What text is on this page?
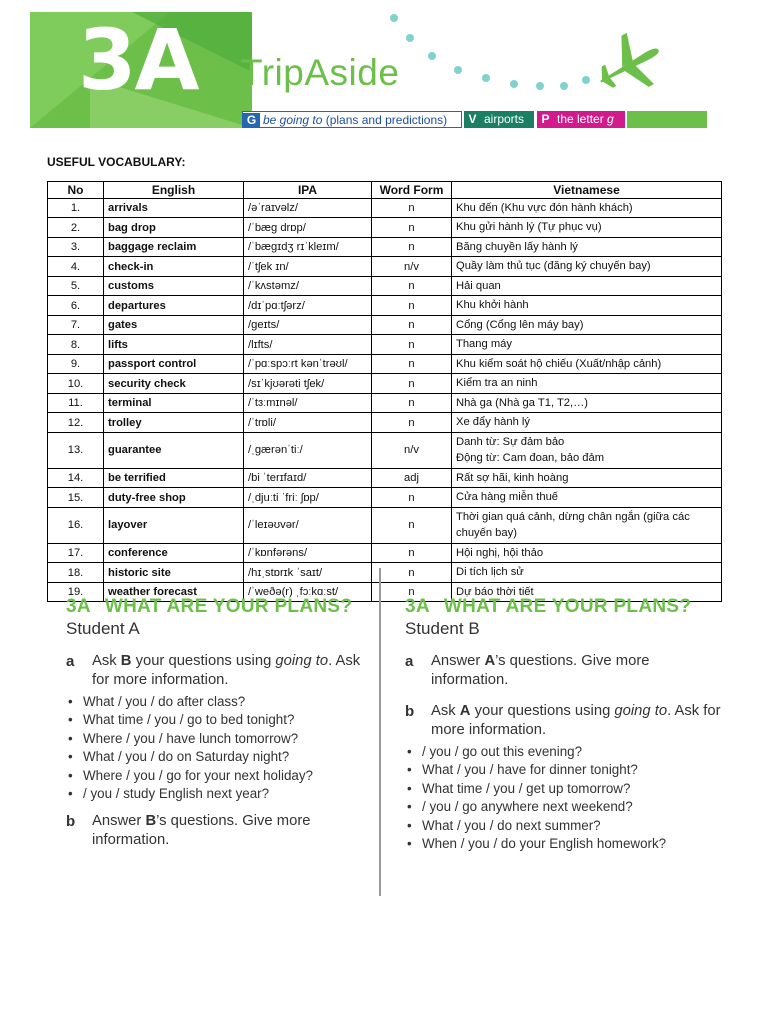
3A TripAside
G be going to (plans and predictions)	V airports	P the letter g
USEFUL VOCABULARY:
No	English	IPA	Word Form	Vietnamese
1.	arrivals	/əˈraɪvəlz/	n	Khu đến (Khu vực đón hành khách)

2.	bag drop	/ˈbæɡ drɒp/	n	Khu gửi hành lý (Tự phục vụ)

3.	baggage reclaim	/ˈbæɡɪdʒ rɪˈkleɪm/	n	Băng chuyền lấy hành lý

4.	check-in	/ˈtʃek ɪn/	n/v	Quầy làm thủ tục (đăng ký chuyến bay)

5.	customs	/ˈkʌstəmz/	n	Hải quan

6.	departures	/dɪˈpɑːtʃərz/	n	Khu khởi hành

7.	gates	/ɡeɪts/	n	Cổng (Cổng lên máy bay)

8.	lifts	/lɪfts/	n	Thang máy

9.	passport control	/ˈpɑːspɔːrt kənˈtrəʊl/	n	Khu kiểm soát hộ chiếu (Xuất/nhập cảnh)

10.	security check	/sɪˈkjʊərəti tʃek/	n	Kiểm tra an ninh

11.	terminal	/ˈtɜːmɪnəl/	n	Nhà ga (Nhà ga T1, T2,…)

12.	trolley	/ˈtrɒli/	n	Xe đẩy hành lý

13.	guarantee	/ˌɡærənˈtiː/	n/v	Danh từ: Sự đảm bảo
Động từ: Cam đoan, bảo đảm

14.	be terrified	/bi ˈterɪfaɪd/	adj	Rất sợ hãi, kinh hoàng

15.	duty-free shop	/ˌdjuːti ˈfriː ʃɒp/	n	Cửa hàng miễn thuế

16.	layover	/ˈleɪəʊvər/	n	Thời gian quá cảnh, dừng chân ngắn (giữa các
chuyến bay)

17.	conference	/ˈkɒnfərəns/	n	Hội nghị, hội thảo

18.	historic site	/hɪˌstɒrɪk ˈsaɪt/	n	Di tích lịch sử

19.	weather forecast	/ˈweðə(r) ˌfɔːkɑːst/	n	Dự báo thời tiết
3A WHAT ARE YOUR PLANS?
Student A
a Ask B your questions using going to. Ask for more information.
• What / you / do after class?
• What time / you / go to bed tonight?
• Where / you / have lunch tomorrow?
• What / you / do on Saturday night?
• Where / you / go for your next holiday?
• / you / study English next year?
b Answer B’s questions. Give more information.
3A WHAT ARE YOUR PLANS?
Student B
a Answer A’s questions. Give more information.
b Ask A your questions using going to. Ask for more information.
• / you / go out this evening?
• What / you / have for dinner tonight?
• What time / you / get up tomorrow?
• / you / go anywhere next weekend?
• What / you / do next summer?
• When / you / do your English homework?
